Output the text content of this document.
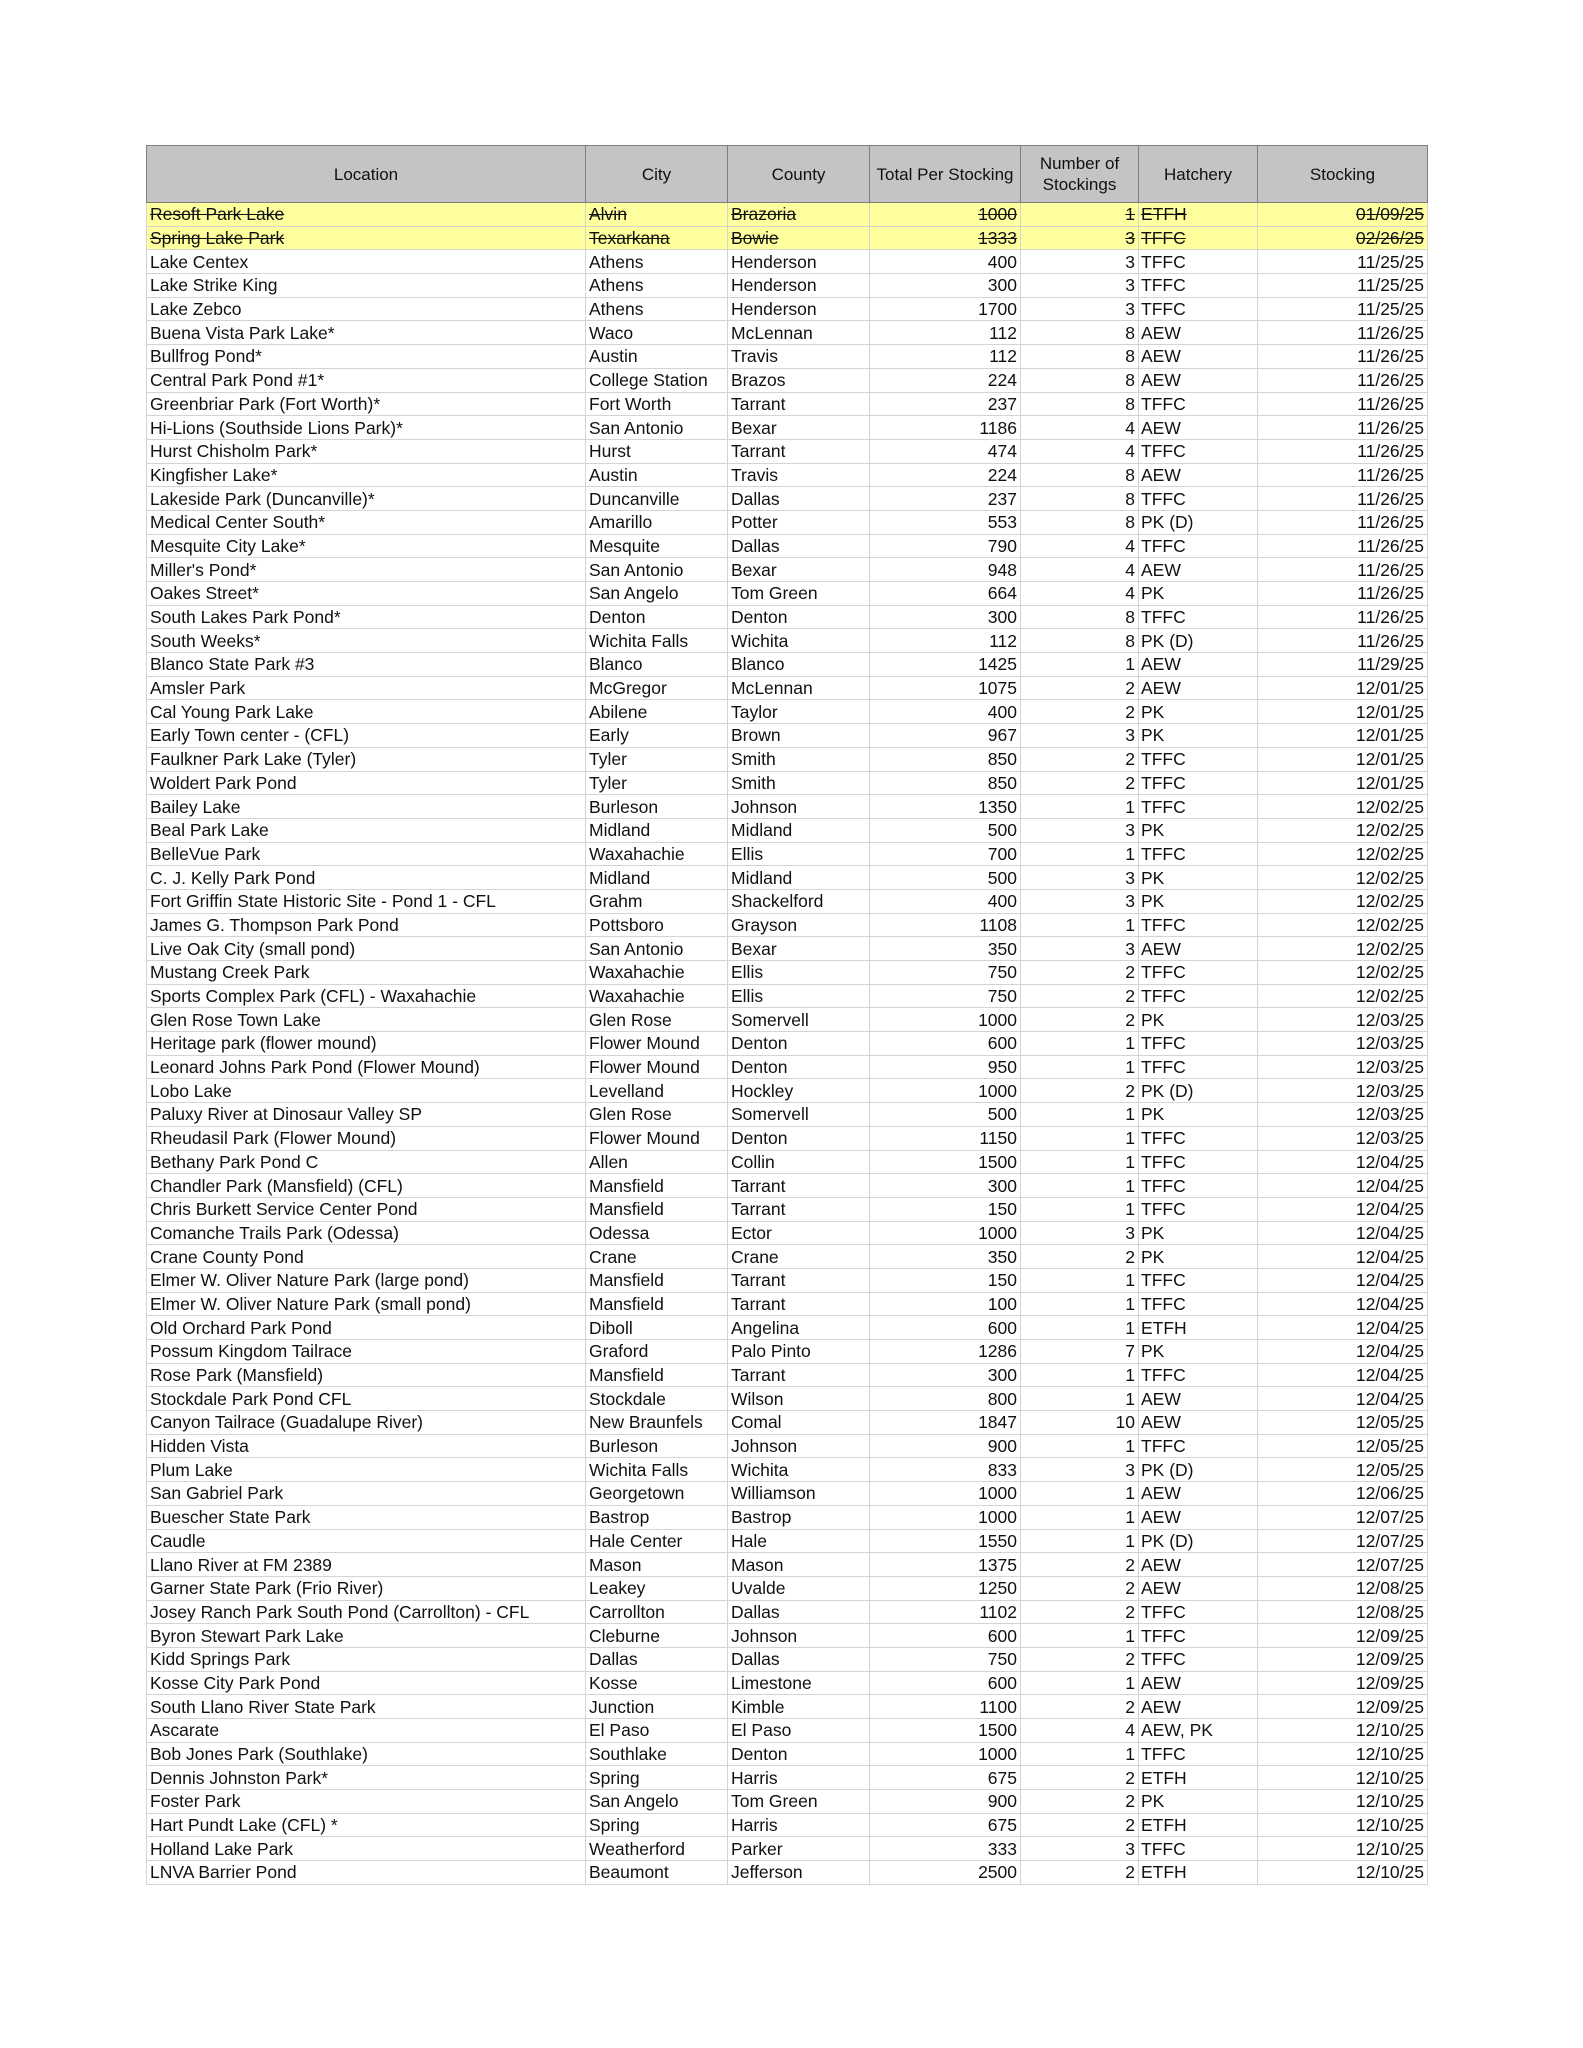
Location	City	County	Total Per Stocking	Number of Stockings	Hatchery	Stocking
Resoft Park Lake	Alvin	Brazoria	1000	1	ETFH	01/09/25
Spring Lake Park	Texarkana	Bowie	1333	3	TFFC	02/26/25
Lake Centex	Athens	Henderson	400	3	TFFC	11/25/25
Lake Strike King	Athens	Henderson	300	3	TFFC	11/25/25
Lake Zebco	Athens	Henderson	1700	3	TFFC	11/25/25
Buena Vista Park Lake*	Waco	McLennan	112	8	AEW	11/26/25
Bullfrog Pond*	Austin	Travis	112	8	AEW	11/26/25
Central Park Pond #1*	College Station	Brazos	224	8	AEW	11/26/25
Greenbriar Park (Fort Worth)*	Fort Worth	Tarrant	237	8	TFFC	11/26/25
Hi-Lions (Southside Lions Park)*	San Antonio	Bexar	1186	4	AEW	11/26/25
Hurst Chisholm Park*	Hurst	Tarrant	474	4	TFFC	11/26/25
Kingfisher Lake*	Austin	Travis	224	8	AEW	11/26/25
Lakeside Park (Duncanville)*	Duncanville	Dallas	237	8	TFFC	11/26/25
Medical Center South*	Amarillo	Potter	553	8	PK (D)	11/26/25
Mesquite City Lake*	Mesquite	Dallas	790	4	TFFC	11/26/25
Miller's Pond*	San Antonio	Bexar	948	4	AEW	11/26/25
Oakes Street*	San Angelo	Tom Green	664	4	PK	11/26/25
South Lakes Park Pond*	Denton	Denton	300	8	TFFC	11/26/25
South Weeks*	Wichita Falls	Wichita	112	8	PK (D)	11/26/25
Blanco State Park #3	Blanco	Blanco	1425	1	AEW	11/29/25
Amsler Park	McGregor	McLennan	1075	2	AEW	12/01/25
Cal Young Park Lake	Abilene	Taylor	400	2	PK	12/01/25
Early Town center - (CFL)	Early	Brown	967	3	PK	12/01/25
Faulkner Park Lake (Tyler)	Tyler	Smith	850	2	TFFC	12/01/25
Woldert Park Pond	Tyler	Smith	850	2	TFFC	12/01/25
Bailey Lake	Burleson	Johnson	1350	1	TFFC	12/02/25
Beal Park Lake	Midland	Midland	500	3	PK	12/02/25
BelleVue Park	Waxahachie	Ellis	700	1	TFFC	12/02/25
C. J. Kelly Park Pond	Midland	Midland	500	3	PK	12/02/25
Fort Griffin State Historic Site - Pond 1 - CFL	Grahm	Shackelford	400	3	PK	12/02/25
James G. Thompson Park Pond	Pottsboro	Grayson	1108	1	TFFC	12/02/25
Live Oak City (small pond)	San Antonio	Bexar	350	3	AEW	12/02/25
Mustang Creek Park	Waxahachie	Ellis	750	2	TFFC	12/02/25
Sports Complex Park (CFL) - Waxahachie	Waxahachie	Ellis	750	2	TFFC	12/02/25
Glen Rose Town Lake	Glen Rose	Somervell	1000	2	PK	12/03/25
Heritage park (flower mound)	Flower Mound	Denton	600	1	TFFC	12/03/25
Leonard Johns Park Pond (Flower Mound)	Flower Mound	Denton	950	1	TFFC	12/03/25
Lobo Lake	Levelland	Hockley	1000	2	PK (D)	12/03/25
Paluxy River at Dinosaur Valley SP	Glen Rose	Somervell	500	1	PK	12/03/25
Rheudasil Park (Flower Mound)	Flower Mound	Denton	1150	1	TFFC	12/03/25
Bethany Park Pond C	Allen	Collin	1500	1	TFFC	12/04/25
Chandler Park (Mansfield) (CFL)	Mansfield	Tarrant	300	1	TFFC	12/04/25
Chris Burkett Service Center Pond	Mansfield	Tarrant	150	1	TFFC	12/04/25
Comanche Trails Park (Odessa)	Odessa	Ector	1000	3	PK	12/04/25
Crane County Pond	Crane	Crane	350	2	PK	12/04/25
Elmer W. Oliver Nature Park (large pond)	Mansfield	Tarrant	150	1	TFFC	12/04/25
Elmer W. Oliver Nature Park (small pond)	Mansfield	Tarrant	100	1	TFFC	12/04/25
Old Orchard Park Pond	Diboll	Angelina	600	1	ETFH	12/04/25
Possum Kingdom Tailrace	Graford	Palo Pinto	1286	7	PK	12/04/25
Rose Park (Mansfield)	Mansfield	Tarrant	300	1	TFFC	12/04/25
Stockdale Park Pond CFL	Stockdale	Wilson	800	1	AEW	12/04/25
Canyon Tailrace (Guadalupe River)	New Braunfels	Comal	1847	10	AEW	12/05/25
Hidden Vista	Burleson	Johnson	900	1	TFFC	12/05/25
Plum Lake	Wichita Falls	Wichita	833	3	PK (D)	12/05/25
San Gabriel Park	Georgetown	Williamson	1000	1	AEW	12/06/25
Buescher State Park	Bastrop	Bastrop	1000	1	AEW	12/07/25
Caudle	Hale Center	Hale	1550	1	PK (D)	12/07/25
Llano River at FM 2389	Mason	Mason	1375	2	AEW	12/07/25
Garner State Park (Frio River)	Leakey	Uvalde	1250	2	AEW	12/08/25
Josey Ranch Park South Pond (Carrollton) - CFL	Carrollton	Dallas	1102	2	TFFC	12/08/25
Byron Stewart Park Lake	Cleburne	Johnson	600	1	TFFC	12/09/25
Kidd Springs Park	Dallas	Dallas	750	2	TFFC	12/09/25
Kosse City Park Pond	Kosse	Limestone	600	1	AEW	12/09/25
South Llano River State Park	Junction	Kimble	1100	2	AEW	12/09/25
Ascarate	El Paso	El Paso	1500	4	AEW, PK	12/10/25
Bob Jones Park (Southlake)	Southlake	Denton	1000	1	TFFC	12/10/25
Dennis Johnston Park*	Spring	Harris	675	2	ETFH	12/10/25
Foster Park	San Angelo	Tom Green	900	2	PK	12/10/25
Hart Pundt Lake (CFL) *	Spring	Harris	675	2	ETFH	12/10/25
Holland Lake Park	Weatherford	Parker	333	3	TFFC	12/10/25
LNVA Barrier Pond	Beaumont	Jefferson	2500	2	ETFH	12/10/25
